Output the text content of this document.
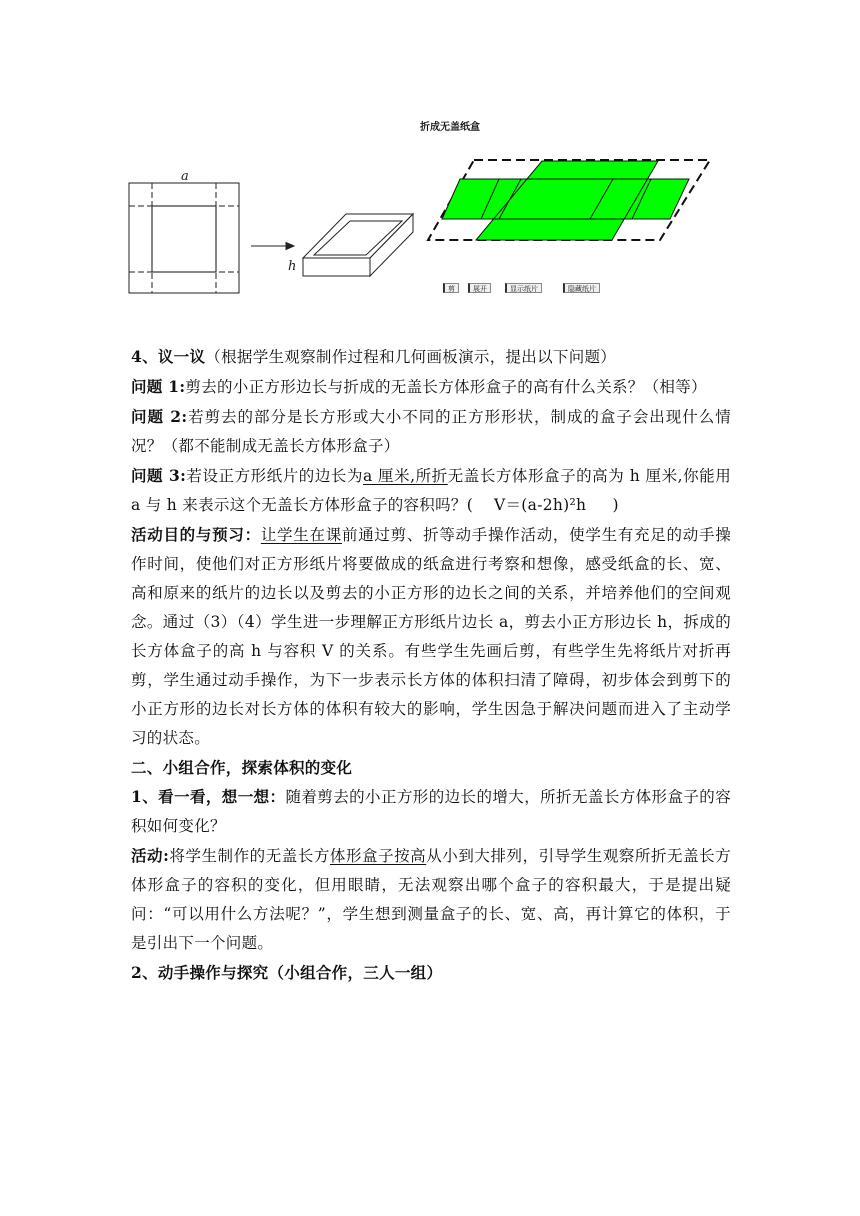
折成无盖纸盒
a
h
剪	展开	显示纸片	隐藏纸片

4、议一议（根据学生观察制作过程和几何画板演示，提出以下问题）

问题 1:剪去的小正方形边长与折成的无盖长方体形盒子的高有什么关系？（相等）

问题 2:若剪去的部分是长方形或大小不同的正方形形状，制成的盒子会出现什么情况？（都不能制成无盖长方体形盒子）

问题 3:若设正方形纸片的边长为a 厘米,所折无盖长方体形盒子的高为 h 厘米,你能用 a 与 h 来表示这个无盖长方体形盒子的容积吗？( V＝(a-2h)²h )

活动目的与预习：让学生在课前通过剪、折等动手操作活动，使学生有充足的动手操作时间，使他们对正方形纸片将要做成的纸盒进行考察和想像，感受纸盒的长、宽、高和原来的纸片的边长以及剪去的小正方形的边长之间的关系，并培养他们的空间观念。通过（3）（4）学生进一步理解正方形纸片边长 a，剪去小正方形边长 h，拆成的长方体盒子的高 h 与容积 V 的关系。有些学生先画后剪，有些学生先将纸片对折再剪，学生通过动手操作，为下一步表示长方体的体积扫清了障碍，初步体会到剪下的小正方形的边长对长方体的体积有较大的影响，学生因急于解决问题而进入了主动学习的状态。

二、小组合作，探索体积的变化

1、看一看，想一想：随着剪去的小正方形的边长的增大，所折无盖长方体形盒子的容积如何变化？

活动:将学生制作的无盖长方体形盒子按高从小到大排列，引导学生观察所折无盖长方体形盒子的容积的变化，但用眼睛，无法观察出哪个盒子的容积最大，于是提出疑问：“可以用什么方法呢？”，学生想到测量盒子的长、宽、高，再计算它的体积，于是引出下一个问题。

2、动手操作与探究（小组合作，三人一组）
